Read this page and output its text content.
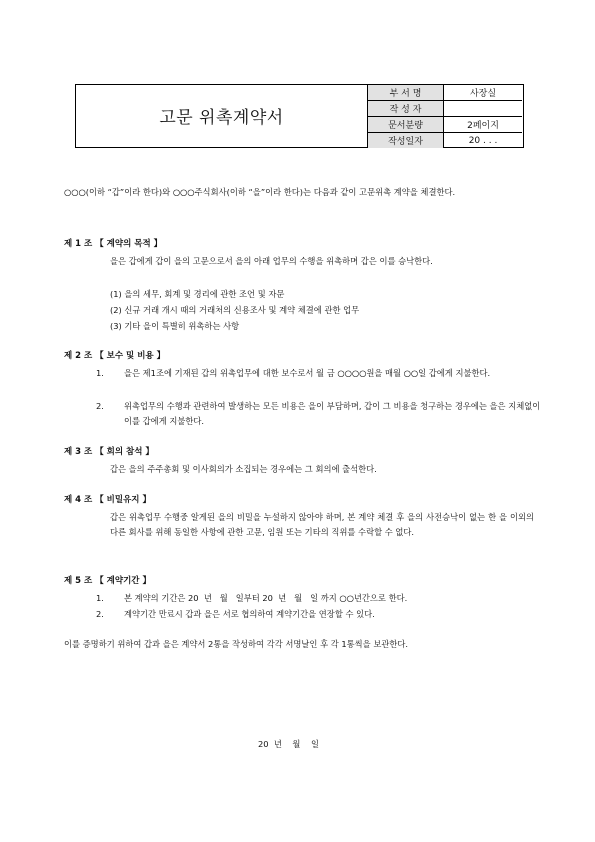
고문 위촉계약서
부 서 명	사장실
작 성 자	
문서분량	2페이지
작성일자	20 . . .
○○○(이하 “갑”이라 한다)와 ○○○주식회사(이하 “을”이라 한다)는 다음과 같이 고문위촉 계약을 체결한다.
제 1 조 【 계약의 목적 】
을은 갑에게 갑이 을의 고문으로서 을의 아래 업무의 수행을 위촉하며 갑은 이를 승낙한다.
(1) 을의 세무, 회계 및 경리에 관한 조언 및 자문
(2) 신규 거래 개시 때의 거래처의 신용조사 및 계약 체결에 관한 업무
(3) 기타 을이 특별히 위촉하는 사항
제 2 조 【 보수 및 비용 】
1. 을은 제1조에 기재된 갑의 위촉업무에 대한 보수로서 월 금 ○○○○원을 매월 ○○일 갑에게 지불한다.
2. 위촉업무의 수행과 관련하여 발생하는 모든 비용은 을이 부담하며, 갑이 그 비용을 청구하는 경우에는 을은 지체없이 이를 갑에게 지불한다.
제 3 조 【 회의 참석 】
갑은 을의 주주총회 및 이사회의가 소집되는 경우에는 그 회의에 출석한다.
제 4 조 【 비밀유지 】
갑은 위촉업무 수행중 알게된 을의 비밀을 누설하지 않아야 하며, 본 계약 체결 후 을의 사전승낙이 없는 한 을 이외의 다른 회사를 위해 동일한 사항에 관한 고문, 임원 또는 기타의 직위를 수락할 수 없다.
제 5 조 【 계약기간 】
1. 본 계약의 기간은 20  년   월   일부터 20  년   월   일 까지 ○○년간으로 한다.
2. 계약기간 만료시 갑과 을은 서로 협의하여 계약기간을 연장할 수 있다.
이를 증명하기 위하여 갑과 을은 계약서 2통을 작성하여 각각 서명날인 후 각 1통씩을 보관한다.
20  년    월    일
